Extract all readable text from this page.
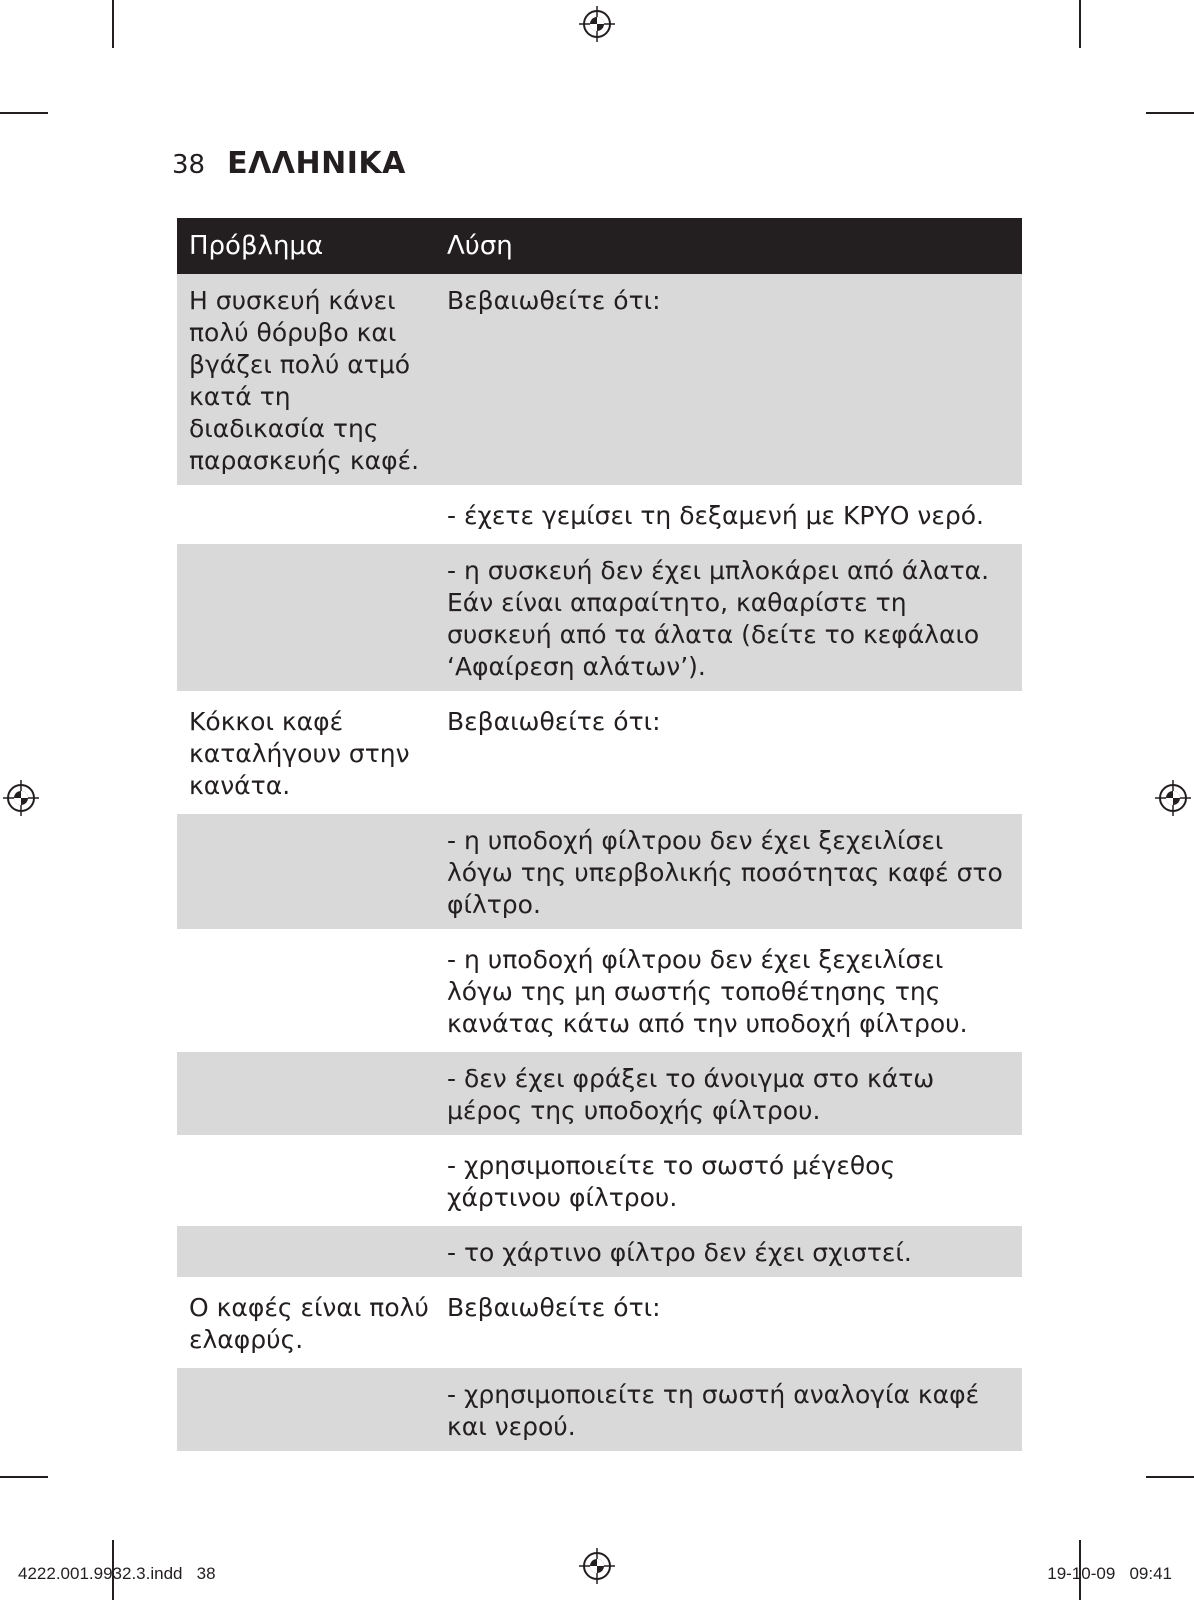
38 ΕΛΛΗΝΙΚΑ
Πρόβλημα	Λύση
Η συσκευή κάνει πολύ θόρυβο και βγάζει πολύ ατμό κατά τη διαδικασία της παρασκευής καφέ.	Βεβαιωθείτε ότι:
	- έχετε γεμίσει τη δεξαμενή με ΚΡΥΟ νερό.
	- η συσκευή δεν έχει μπλοκάρει από άλατα. Εάν είναι απαραίτητο, καθαρίστε τη συσκευή από τα άλατα (δείτε το κεφάλαιο ‘Αφαίρεση αλάτων’).
Κόκκοι καφέ καταλήγουν στην κανάτα.	Βεβαιωθείτε ότι:
	- η υποδοχή φίλτρου δεν έχει ξεχειλίσει λόγω της υπερβολικής ποσότητας καφέ στο φίλτρο.
	- η υποδοχή φίλτρου δεν έχει ξεχειλίσει λόγω της μη σωστής τοποθέτησης της κανάτας κάτω από την υποδοχή φίλτρου.
	- δεν έχει φράξει το άνοιγμα στο κάτω μέρος της υποδοχής φίλτρου.
	- χρησιμοποιείτε το σωστό μέγεθος χάρτινου φίλτρου.
	- το χάρτινο φίλτρο δεν έχει σχιστεί.
Ο καφές είναι πολύ ελαφρύς.	Βεβαιωθείτε ότι:
	- χρησιμοποιείτε τη σωστή αναλογία καφέ και νερού.
4222.001.9932.3.indd   38	19-10-09   09:41
